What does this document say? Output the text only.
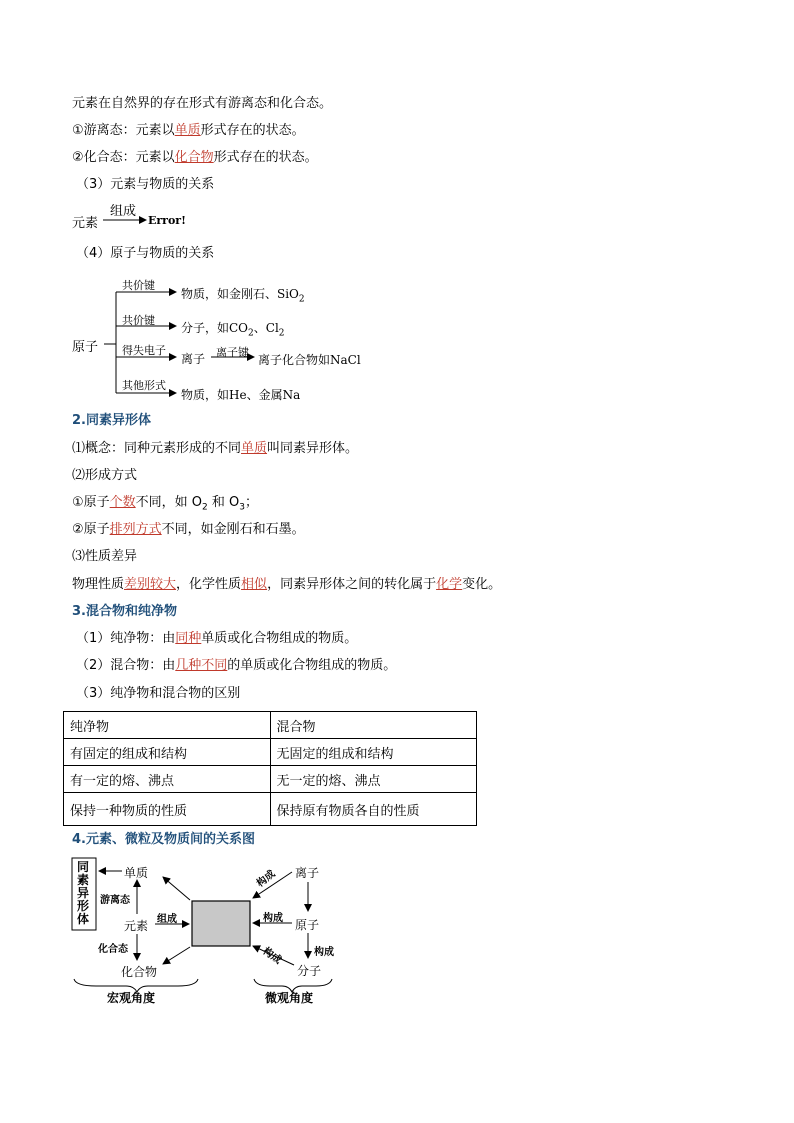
元素在自然界的存在形式有游离态和化合态。
①游离态：元素以单质形式存在的状态。
②化合态：元素以化合物形式存在的状态。
（3）元素与物质的关系
元素
组成
Error!
（4）原子与物质的关系
原子
共价键
物质，如金刚石、SiO$_2$
共价键
分子，如$CO_2$、$Cl_2$
得失电子
离子 离子键
离子化合物如NaCl
其他形式
物质，如He、金属Na
2.同素异形体
⑴概念：同种元素形成的不同单质叫同素异形体。
⑵形成方式
①原子个数不同，如 $O_2$ 和 $O_3$；
②原子排列方式不同，如金刚石和石墨。
⑶性质差异
物理性质差别较大，化学性质相似，同素异形体之间的转化属于化学变化。
3.混合物和纯净物
（1）纯净物：由同种单质或化合物组成的物质。
（2）混合物：由几种不同的单质或化合物组成的物质。
（3）纯净物和混合物的区别
纯净物	混合物
有固定的组成和结构	无固定的组成和结构
有一定的熔、沸点	无一定的熔、沸点
保持一种物质的性质	保持原有物质各自的性质
4.元素、微粒及物质间的关系图
同
素
异
形
体
单质
游离态
元素 组成
化合态
化合物
离子
原子
分子
构成
构成
构成
构成
宏观角度	微观角度
